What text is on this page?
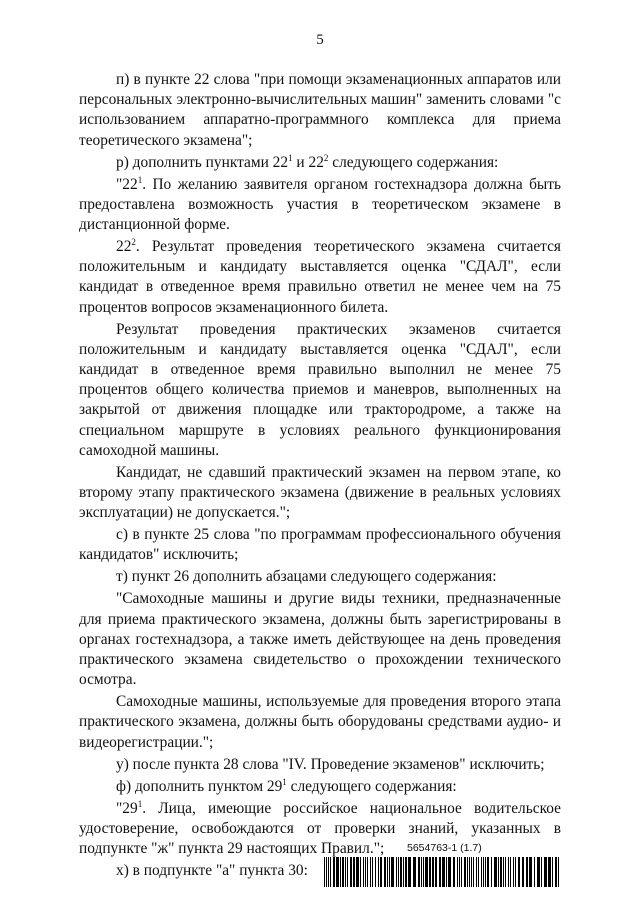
5

п) в пункте 22 слова "при помощи экзаменационных аппаратов или персональных электронно-вычислительных машин" заменить словами "с использованием аппаратно-программного комплекса для приема теоретического экзамена";

р) дополнить пунктами $22^1$ и $22^2$ следующего содержания:

"$22^1$. По желанию заявителя органом гостехнадзора должна быть предоставлена возможность участия в теоретическом экзамене в дистанционной форме.

$22^2$. Результат проведения теоретического экзамена считается положительным и кандидату выставляется оценка "СДАЛ", если кандидат в отведенное время правильно ответил не менее чем на 75 процентов вопросов экзаменационного билета.

Результат проведения практических экзаменов считается положительным и кандидату выставляется оценка "СДАЛ", если кандидат в отведенное время правильно выполнил не менее 75 процентов общего количества приемов и маневров, выполненных на закрытой от движения площадке или трактородроме, а также на специальном маршруте в условиях реального функционирования самоходной машины.

Кандидат, не сдавший практический экзамен на первом этапе, ко второму этапу практического экзамена (движение в реальных условиях эксплуатации) не допускается.";

с) в пункте 25 слова "по программам профессионального обучения кандидатов" исключить;

т) пункт 26 дополнить абзацами следующего содержания:

"Самоходные машины и другие виды техники, предназначенные для приема практического экзамена, должны быть зарегистрированы в органах гостехнадзора, а также иметь действующее на день проведения практического экзамена свидетельство о прохождении технического осмотра.

Самоходные машины, используемые для проведения второго этапа практического экзамена, должны быть оборудованы средствами аудио- и видеорегистрации.";

у) после пункта 28 слова "IV. Проведение экзаменов" исключить;

ф) дополнить пунктом $29^1$ следующего содержания:

"$29^1$. Лица, имеющие российское национальное водительское удостоверение, освобождаются от проверки знаний, указанных в подпункте "ж" пункта 29 настоящих Правил.";

х) в подпункте "а" пункта 30:

5654763-1 (1.7)
